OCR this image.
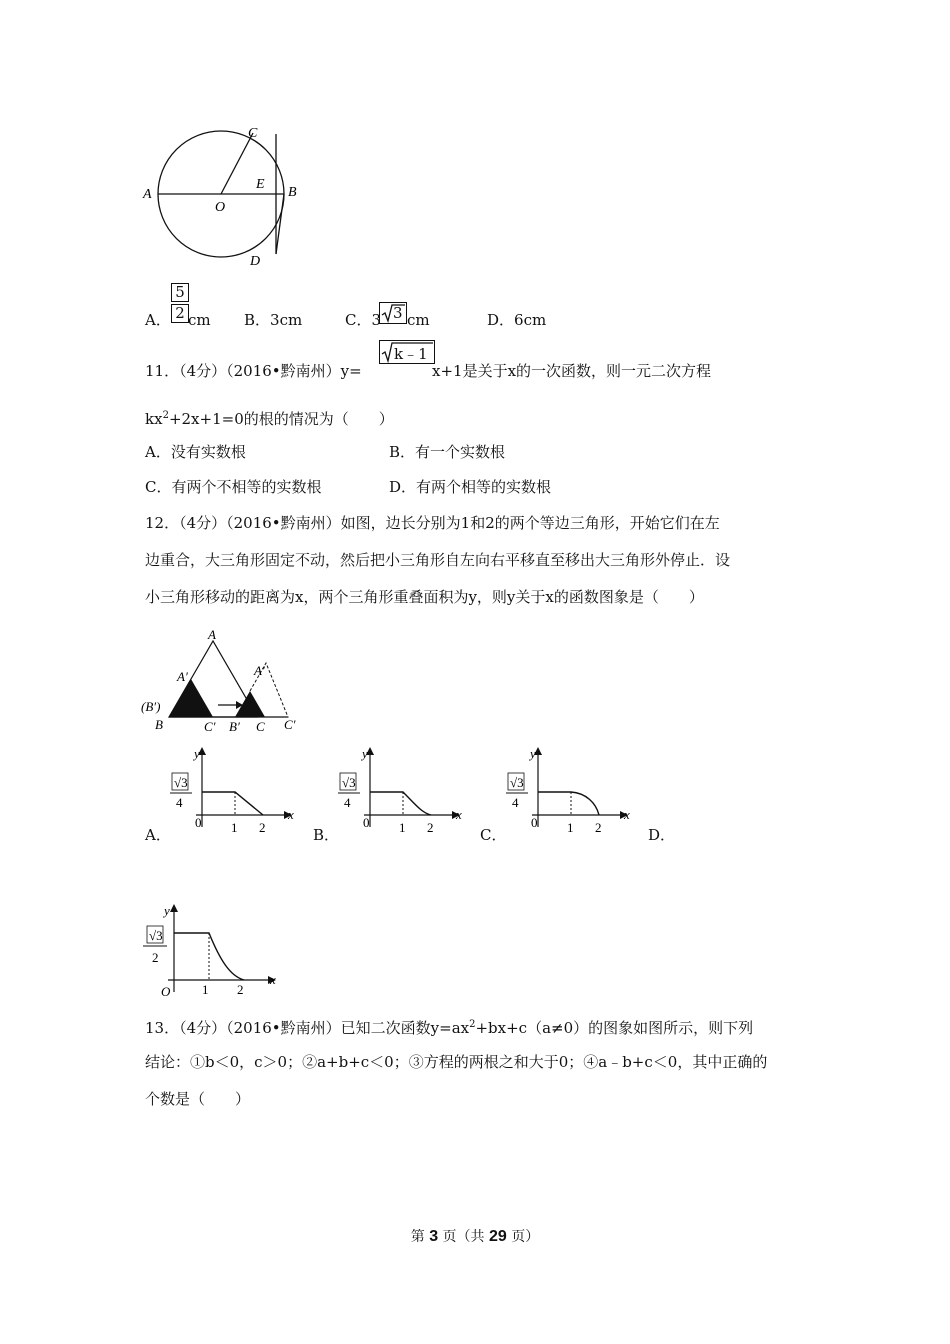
A	B
C
D
E
O
A． $\frac{5}{2}$ cm B．3cm	C．3 3 cm	D．6cm
11．（4分）（2016•黔南州）y=
k﹣1
x+1是关于x的一次函数，则一元二次方程
$kx^2+2x+1=0$的根的情况为（　　）
A．没有实数根	B．有一个实数根
C．有两个不相等的实数根	D．有两个相等的实数根
12．（4分）（2016•黔南州）如图，边长分别为1和2的两个等边三角形，开始它们在左
边重合，大三角形固定不动，然后把小三角形自左向右平移直至移出大三角形外停止．设
小三角形移动的距离为x，两个三角形重叠面积为y，则y关于x的函数图象是（　　）
A
A′	A′
(B′)
B	C′ B′ C C′
√3
4
0 1 2
y
x
A．
√3
4
0 1 2
y
x
B．
√3
4
0 1 2
y
x
C．	D．
√3
2
O 1 2
y
x
13．（4分）（2016•黔南州）已知二次函数$y=ax^2+bx+c(a\ne 0)$的图象如图所示，则下列
结论：①b＜0，c＞0；②a+b+c＜0；③方程的两根之和大于0；④a﹣b+c＜0，其中正确的
个数是（　　）
第 3 页（共 29 页）
